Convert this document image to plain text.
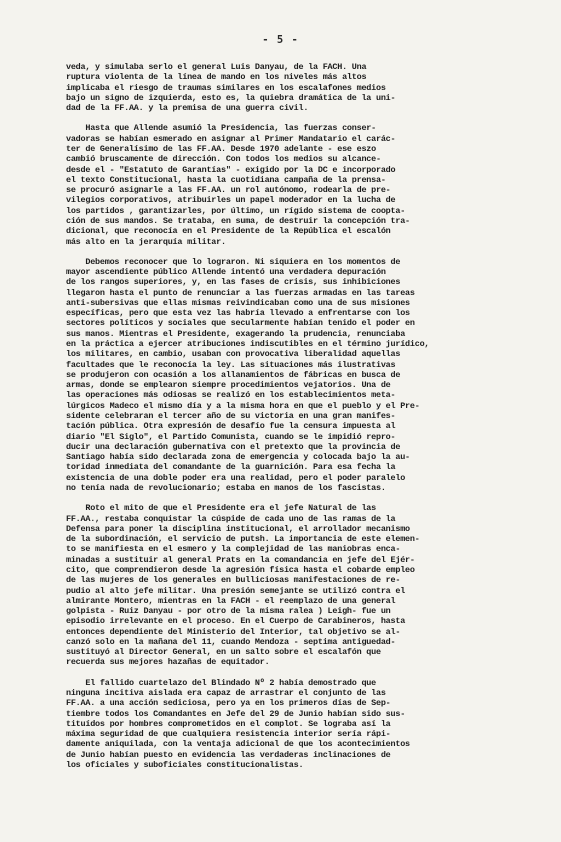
- 5 -
veda, y simulaba serlo el general Luis Danyau, de la FACH. Una
ruptura violenta de la línea de mando en los niveles más altos
implicaba el riesgo de traumas similares en los escalafones medios
bajo un signo de izquierda, esto es, la quiebra dramática de la uni-
dad de la FF.AA. y la premisa de una guerra civil.
Hasta que Allende asumió la Presidencia, las fuerzas conser-
vadoras se habían esmerado en asignar al Primer Mandatario el carác-
ter de Generalísimo de las FF.AA. Desde 1970 adelante - ese eszo
cambió bruscamente de dirección. Con todos los medios su alcance-
desde el - "Estatuto de Garantías" - exigido por la DC e incorporado
el texto Constitucional, hasta la cuotidiana campaña de la prensa-
se procuró asignarle a las FF.AA. un rol autónomo, rodearla de pre-
vilegios corporativos, atribuirles un papel moderador en la lucha de
los partidos , garantizarles, por último, un rígido sistema de coopta-
ción de sus mandos. Se trataba, en suma, de destruir la concepción tra-
dicional, que reconocía en el Presidente de la República el escalón
más alto en la jerarquía militar.
Debemos reconocer que lo lograron. Ni siquiera en los momentos de
mayor ascendiente público Allende intentó una verdadera depuración
de los rangos superiores, y, en las fases de crisis, sus inhibiciones
llegaron hasta el punto de renunciar a las fuerzas armadas en las tareas
anti-subersivas que ellas mismas reivindicaban como una de sus misiones
específicas, pero que esta vez las habría llevado a enfrentarse con los
sectores políticos y sociales que secularmente habían tenido el poder en
sus manos. Mientras el Presidente, exagerando la prudencia, renunciaba
en la práctica a ejercer atribuciones indiscutibles en el término jurídico,
los militares, en cambio, usaban con provocativa liberalidad aquellas
facultades que le reconocía la ley. Las situaciones más ilustrativas
se produjeron con ocasión a los allanamientos de fábricas en busca de
armas, donde se emplearon siempre procedimientos vejatorios. Una de
las operaciones más odiosas se realizó en los establecimientos meta-
lúrgicos Madeco el mismo día y a la misma hora en que el pueblo y el Pre-
sidente celebraran el tercer año de su victoria en una gran manifes-
tación pública. Otra expresión de desafío fue la censura impuesta al
diario "El Siglo", el Partido Comunista, cuando se le impidió repro-
ducir una declaración gubernativa con el pretexto que la provincia de
Santiago había sido declarada zona de emergencia y colocada bajo la au-
toridad inmediata del comandante de la guarnición. Para esa fecha la
existencia de una doble poder era una realidad, pero el poder paralelo
no tenía nada de revolucionario; estaba en manos de los fascistas.
Roto el mito de que el Presidente era el jefe Natural de las
FF.AA., restaba conquistar la cúspide de cada uno de las ramas de la
Defensa para poner la disciplina institucional, el arrollador mecanismo
de la subordinación, el servicio de putsh. La importancia de este elemen-
to se manifiesta en el esmero y la complejidad de las maniobras enca-
minadas a sustituir al general Prats en la comandancia en jefe del Ejér-
cito, que comprendieron desde la agresión física hasta el cobarde empleo
de las mujeres de los generales en bulliciosas manifestaciones de re-
pudio al alto jefe militar. Una presión semejante se utilizó contra el
almirante Montero, mientras en la FACH - el reemplazo de una general
golpista - Ruiz Danyau - por otro de la misma ralea ) Leigh- fue un
episodio irrelevante en el proceso. En el Cuerpo de Carabineros, hasta
entonces dependiente del Ministerio del Interior, tal objetivo se al-
canzó solo en la mañana del 11, cuando Mendoza - septima antiguedad-
sustituyó al Director General, en un salto sobre el escalafón que
recuerda sus mejores hazañas de equitador.
El fallido cuartelazo del Blindado Nº 2 había demostrado que
ninguna incitiva aislada era capaz de arrastrar el conjunto de las
FF.AA. a una acción sediciosa, pero ya en los primeros días de Sep-
tiembre todos los Comandantes en Jefe del 29 de Junio habían sido sus-
tituídos por hombres comprometidos en el complot. Se lograba así la
máxima seguridad de que cualquiera resistencia interior sería rápi-
damente aniquilada, con la ventaja adicional de que los acontecimientos
de Junio habían puesto en evidencia las verdaderas inclinaciones de
los oficiales y suboficiales constitucionalistas.
